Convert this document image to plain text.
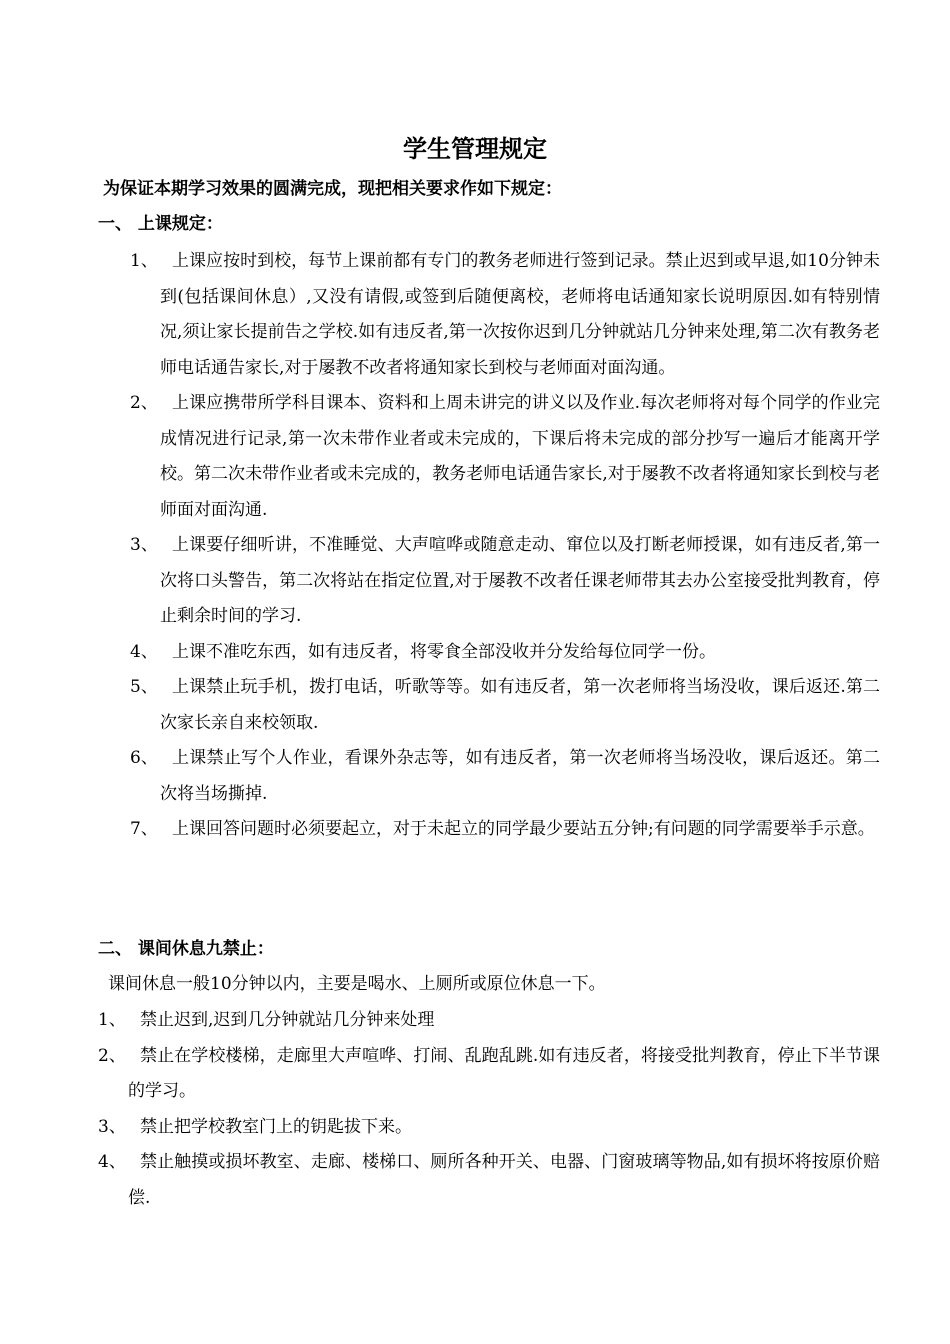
学生管理规定
为保证本期学习效果的圆满完成，现把相关要求作如下规定：
一、 上课规定：
1、 上课应按时到校，每节上课前都有专门的教务老师进行签到记录。禁止迟到或早退,如10分钟未到(包括课间休息）,又没有请假,或签到后随便离校，老师将电话通知家长说明原因.如有特别情况,须让家长提前告之学校.如有违反者,第一次按你迟到几分钟就站几分钟来处理,第二次有教务老师电话通告家长,对于屡教不改者将通知家长到校与老师面对面沟通。
2、 上课应携带所学科目课本、资料和上周未讲完的讲义以及作业.每次老师将对每个同学的作业完成情况进行记录,第一次未带作业者或未完成的，下课后将未完成的部分抄写一遍后才能离开学校。第二次未带作业者或未完成的，教务老师电话通告家长,对于屡教不改者将通知家长到校与老师面对面沟通.
3、 上课要仔细听讲，不准睡觉、大声喧哗或随意走动、窜位以及打断老师授课，如有违反者,第一次将口头警告，第二次将站在指定位置,对于屡教不改者任课老师带其去办公室接受批判教育，停止剩余时间的学习.
4、 上课不准吃东西，如有违反者，将零食全部没收并分发给每位同学一份。
5、 上课禁止玩手机，拨打电话，听歌等等。如有违反者，第一次老师将当场没收，课后返还.第二次家长亲自来校领取.
6、 上课禁止写个人作业，看课外杂志等，如有违反者，第一次老师将当场没收，课后返还。第二次将当场撕掉.
7、 上课回答问题时必须要起立，对于未起立的同学最少要站五分钟;有问题的同学需要举手示意。
二、 课间休息九禁止：
课间休息一般10分钟以内，主要是喝水、上厕所或原位休息一下。
1、 禁止迟到,迟到几分钟就站几分钟来处理
2、 禁止在学校楼梯，走廊里大声喧哗、打闹、乱跑乱跳.如有违反者，将接受批判教育，停止下半节课的学习。
3、 禁止把学校教室门上的钥匙拔下来。
4、 禁止触摸或损坏教室、走廊、楼梯口、厕所各种开关、电器、门窗玻璃等物品,如有损坏将按原价赔偿.
